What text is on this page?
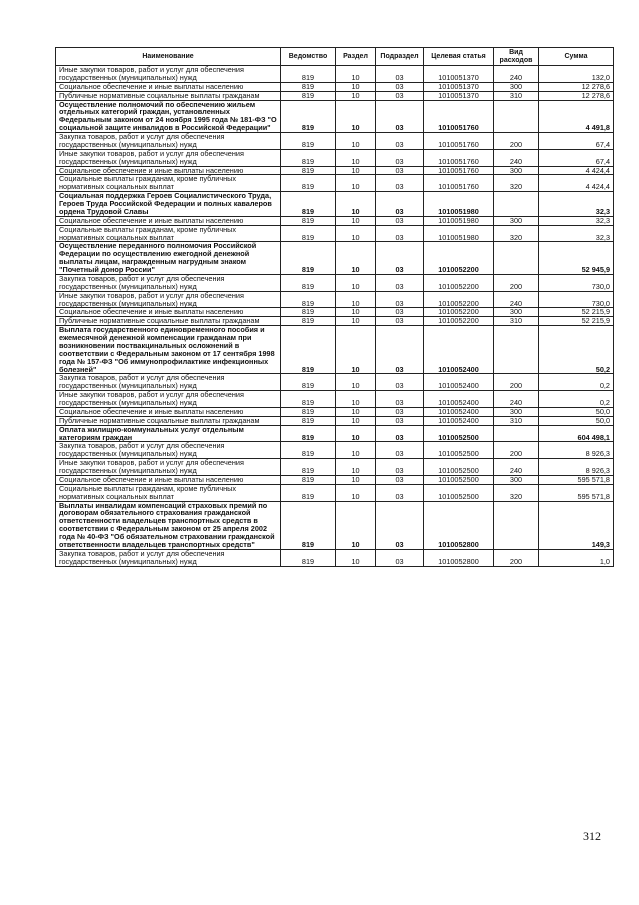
Наименование	Ведомство	Раздел	Подраздел	Целевая статья	Вид расходов	Сумма
Иные закупки товаров, работ и услуг для обеспечения государственных (муниципальных) нужд	819	10	03	1010051370	240	132,0
Социальное обеспечение и иные выплаты населению	819	10	03	1010051370	300	12 278,6
Публичные нормативные социальные выплаты гражданам	819	10	03	1010051370	310	12 278,6
Осуществление полномочий по обеспечению жильем отдельных категорий граждан, установленных Федеральным законом от 24 ноября 1995 года № 181-ФЗ "О социальной защите инвалидов в Российской Федерации"	819	10	03	1010051760		4 491,8
Закупка товаров, работ и услуг для обеспечения государственных (муниципальных) нужд	819	10	03	1010051760	200	67,4
Иные закупки товаров, работ и услуг для обеспечения государственных (муниципальных) нужд	819	10	03	1010051760	240	67,4
Социальное обеспечение и иные выплаты населению	819	10	03	1010051760	300	4 424,4
Социальные выплаты гражданам, кроме публичных нормативных социальных выплат	819	10	03	1010051760	320	4 424,4
Социальная поддержка Героев Социалистического Труда, Героев Труда Российской Федерации и полных кавалеров ордена Трудовой Славы	819	10	03	1010051980		32,3
Социальное обеспечение и иные выплаты населению	819	10	03	1010051980	300	32,3
Социальные выплаты гражданам, кроме публичных нормативных социальных выплат	819	10	03	1010051980	320	32,3
Осуществление переданного полномочия Российской Федерации по осуществлению ежегодной денежной выплаты лицам, награжденным нагрудным знаком "Почетный донор России"	819	10	03	1010052200		52 945,9
Закупка товаров, работ и услуг для обеспечения государственных (муниципальных) нужд	819	10	03	1010052200	200	730,0
Иные закупки товаров, работ и услуг для обеспечения государственных (муниципальных) нужд	819	10	03	1010052200	240	730,0
Социальное обеспечение и иные выплаты населению	819	10	03	1010052200	300	52 215,9
Публичные нормативные социальные выплаты гражданам	819	10	03	1010052200	310	52 215,9
Выплата государственного единовременного пособия и ежемесячной денежной компенсации гражданам при возникновении поствакцинальных осложнений в соответствии с Федеральным законом от 17 сентября 1998 года № 157-ФЗ "Об иммунопрофилактике инфекционных болезней"	819	10	03	1010052400		50,2
Закупка товаров, работ и услуг для обеспечения государственных (муниципальных) нужд	819	10	03	1010052400	200	0,2
Иные закупки товаров, работ и услуг для обеспечения государственных (муниципальных) нужд	819	10	03	1010052400	240	0,2
Социальное обеспечение и иные выплаты населению	819	10	03	1010052400	300	50,0
Публичные нормативные социальные выплаты гражданам	819	10	03	1010052400	310	50,0
Оплата жилищно-коммунальных услуг отдельным категориям граждан	819	10	03	1010052500		604 498,1
Закупка товаров, работ и услуг для обеспечения государственных (муниципальных) нужд	819	10	03	1010052500	200	8 926,3
Иные закупки товаров, работ и услуг для обеспечения государственных (муниципальных) нужд	819	10	03	1010052500	240	8 926,3
Социальное обеспечение и иные выплаты населению	819	10	03	1010052500	300	595 571,8
Социальные выплаты гражданам, кроме публичных нормативных социальных выплат	819	10	03	1010052500	320	595 571,8
Выплаты инвалидам компенсаций страховых премий по договорам обязательного страхования гражданской ответственности владельцев транспортных средств в соответствии с Федеральным законом от 25 апреля 2002 года № 40-ФЗ "Об обязательном страховании гражданской ответственности владельцев транспортных средств"	819	10	03	1010052800		149,3
Закупка товаров, работ и услуг для обеспечения государственных (муниципальных) нужд	819	10	03	1010052800	200	1,0
312
